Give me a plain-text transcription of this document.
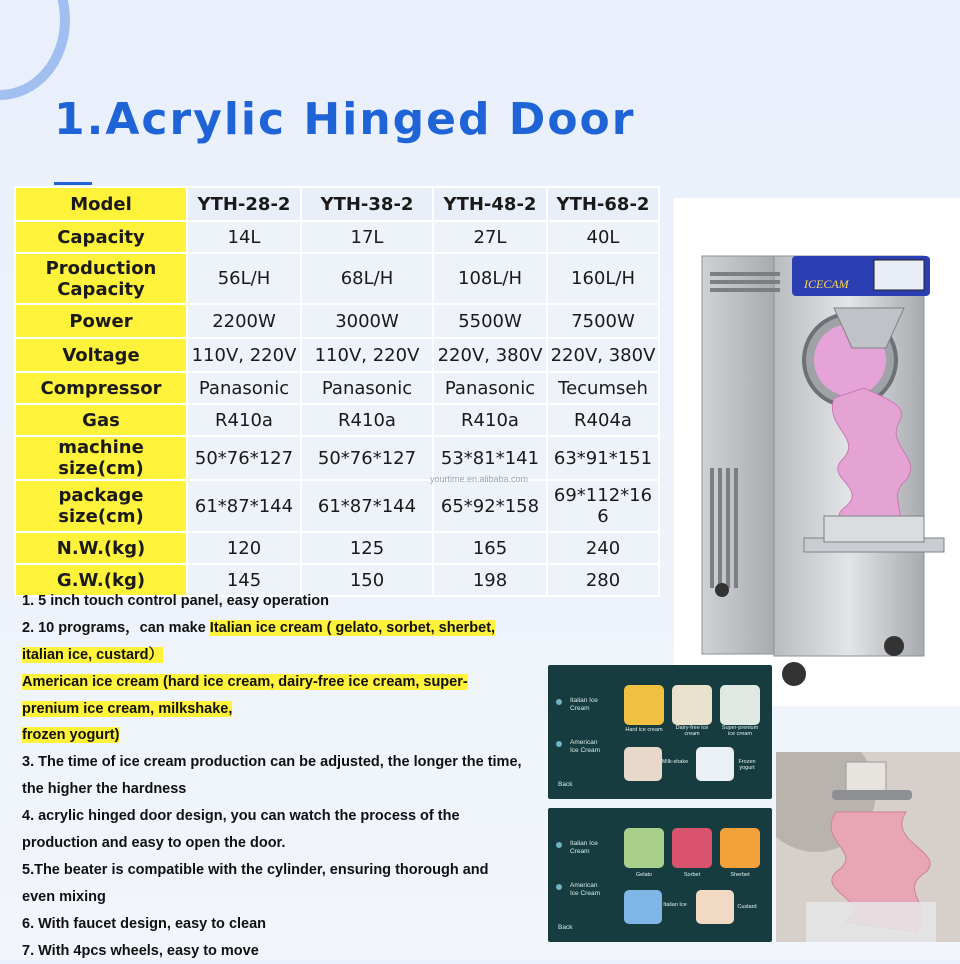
1.Acrylic Hinged Door
Model	YTH-28-2	YTH-38-2	YTH-48-2	YTH-68-2
Capacity	14L	17L	27L	40L
Production Capacity	56L/H	68L/H	108L/H	160L/H
Power	2200W	3000W	5500W	7500W
Voltage	110V, 220V	110V, 220V	220V, 380V	220V, 380V
Compressor	Panasonic	Panasonic	Panasonic	Tecumseh
Gas	R410a	R410a	R410a	R404a
machine size(cm)	50*76*127	50*76*127	53*81*141	63*91*151
package size(cm)	61*87*144	61*87*144	65*92*158	69*112*166
N.W.(kg)	120	125	165	240
G.W.(kg)	145	150	198	280
yourtime.en.alibaba.com
1. 5 inch touch control panel, easy operation
2. 10 programs，can make Italian ice cream ( gelato, sorbet, sherbet,
italian ice, custard）
American ice cream (hard ice cream, dairy-free ice cream, super-
prenium ice cream, milkshake,
frozen yogurt)
3. The time of ice cream production can be adjusted, the longer the time,
the higher the hardness
4. acrylic hinged door design, you can watch the process of the
production and easy to open the door.
5.The beater is compatible with the cylinder, ensuring thorough and
even mixing
6. With faucet design, easy to clean
7. With 4pcs wheels, easy to move
ICECAM
Italian Ice Cream
American Ice Cream
Hard ice cream	Dairy-free ice cream
Super-prenium ice cream
Milk-shake	Frozen yogurt
Back
Italian Ice Cream
American Ice Cream
Gelato	Sorbet	Sherbet
Italian Ice	Custard
Back
